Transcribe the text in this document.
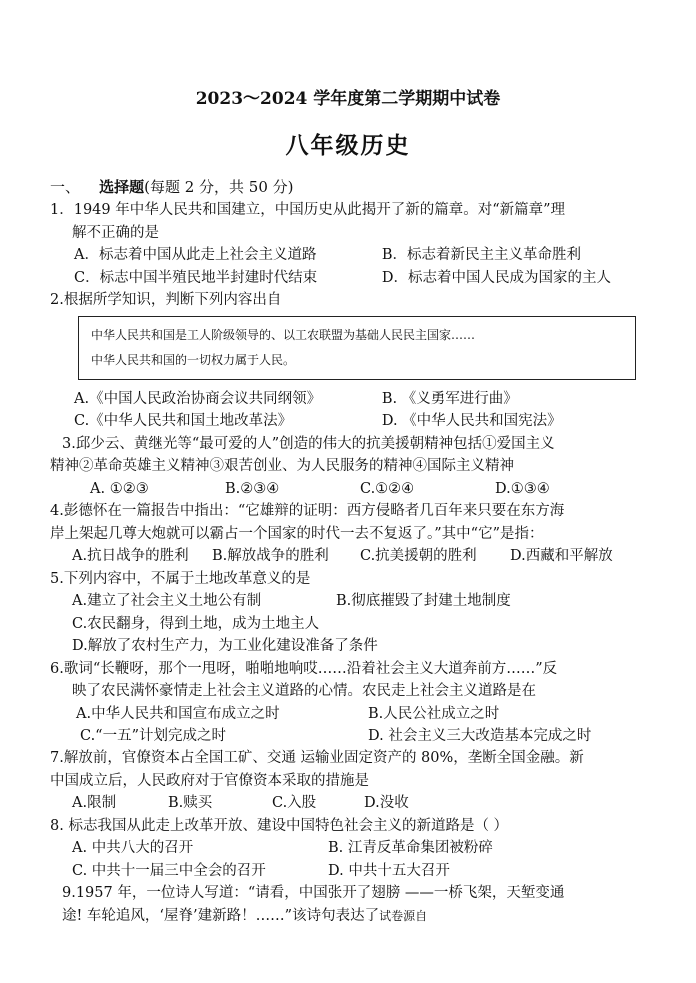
2023～2024 学年度第二学期期中试卷
八年级历史
一、 选择题(每题 2 分，共 50 分)
1．1949 年中华人民共和国建立，中国历史从此揭开了新的篇章。对“新篇章”理
解不正确的是
A．标志着中国从此走上社会主义道路	B．标志着新民主主义革命胜利
C．标志中国半殖民地半封建时代结束	D．标志着中国人民成为国家的主人
2.根据所学知识，判断下列内容出自
中华人民共和国是工人阶级领导的、以工农联盟为基础人民民主国家……
中华人民共和国的一切权力属于人民。
A.《中国人民政治协商会议共同纲领》	B. 《义勇军进行曲》
C.《中华人民共和国土地改革法》	D. 《中华人民共和国宪法》
3.邱少云、黄继光等“最可爱的人”创造的伟大的抗美援朝精神包括①爱国主义
精神②革命英雄主义精神③艰苦创业、为人民服务的精神④国际主义精神
A. ①②③	B.②③④	C.①②④	D.①③④
4.彭德怀在一篇报告中指出：“它雄辩的证明：西方侵略者几百年来只要在东方海
岸上架起几尊大炮就可以霸占一个国家的时代一去不复返了。”其中“它”是指：
A.抗日战争的胜利	B.解放战争的胜利	C.抗美援朝的胜利	D.西藏和平解放
5.下列内容中，不属于土地改革意义的是
A.建立了社会主义土地公有制	B.彻底摧毁了封建土地制度
C.农民翻身，得到土地，成为土地主人
D.解放了农村生产力，为工业化建设准备了条件
6.歌词“长鞭呀，那个一甩呀，啪啪地响哎……沿着社会主义大道奔前方……”反
映了农民满怀豪情走上社会主义道路的心情。农民走上社会主义道路是在
A.中华人民共和国宣布成立之时	B.人民公社成立之时
C.“一五”计划完成之时	D. 社会主义三大改造基本完成之时
7.解放前，官僚资本占全国工矿、交通 运输业固定资产的 80%，垄断全国金融。新
中国成立后，人民政府对于官僚资本采取的措施是
A.限制	B.赎买	C.入股	D.没收
8. 标志我国从此走上改革开放、建设中国特色社会主义的新道路是（ ）
A. 中共八大的召开	B. 江青反革命集团被粉碎
C. 中共十一届三中全会的召开	D. 中共十五大召开
9.1957 年，一位诗人写道：“请看，中国张开了翅膀 ——一桥飞架，天堑变通
途! 车轮追风，‘屋脊’建新路！……”该诗句表达了试卷源自
